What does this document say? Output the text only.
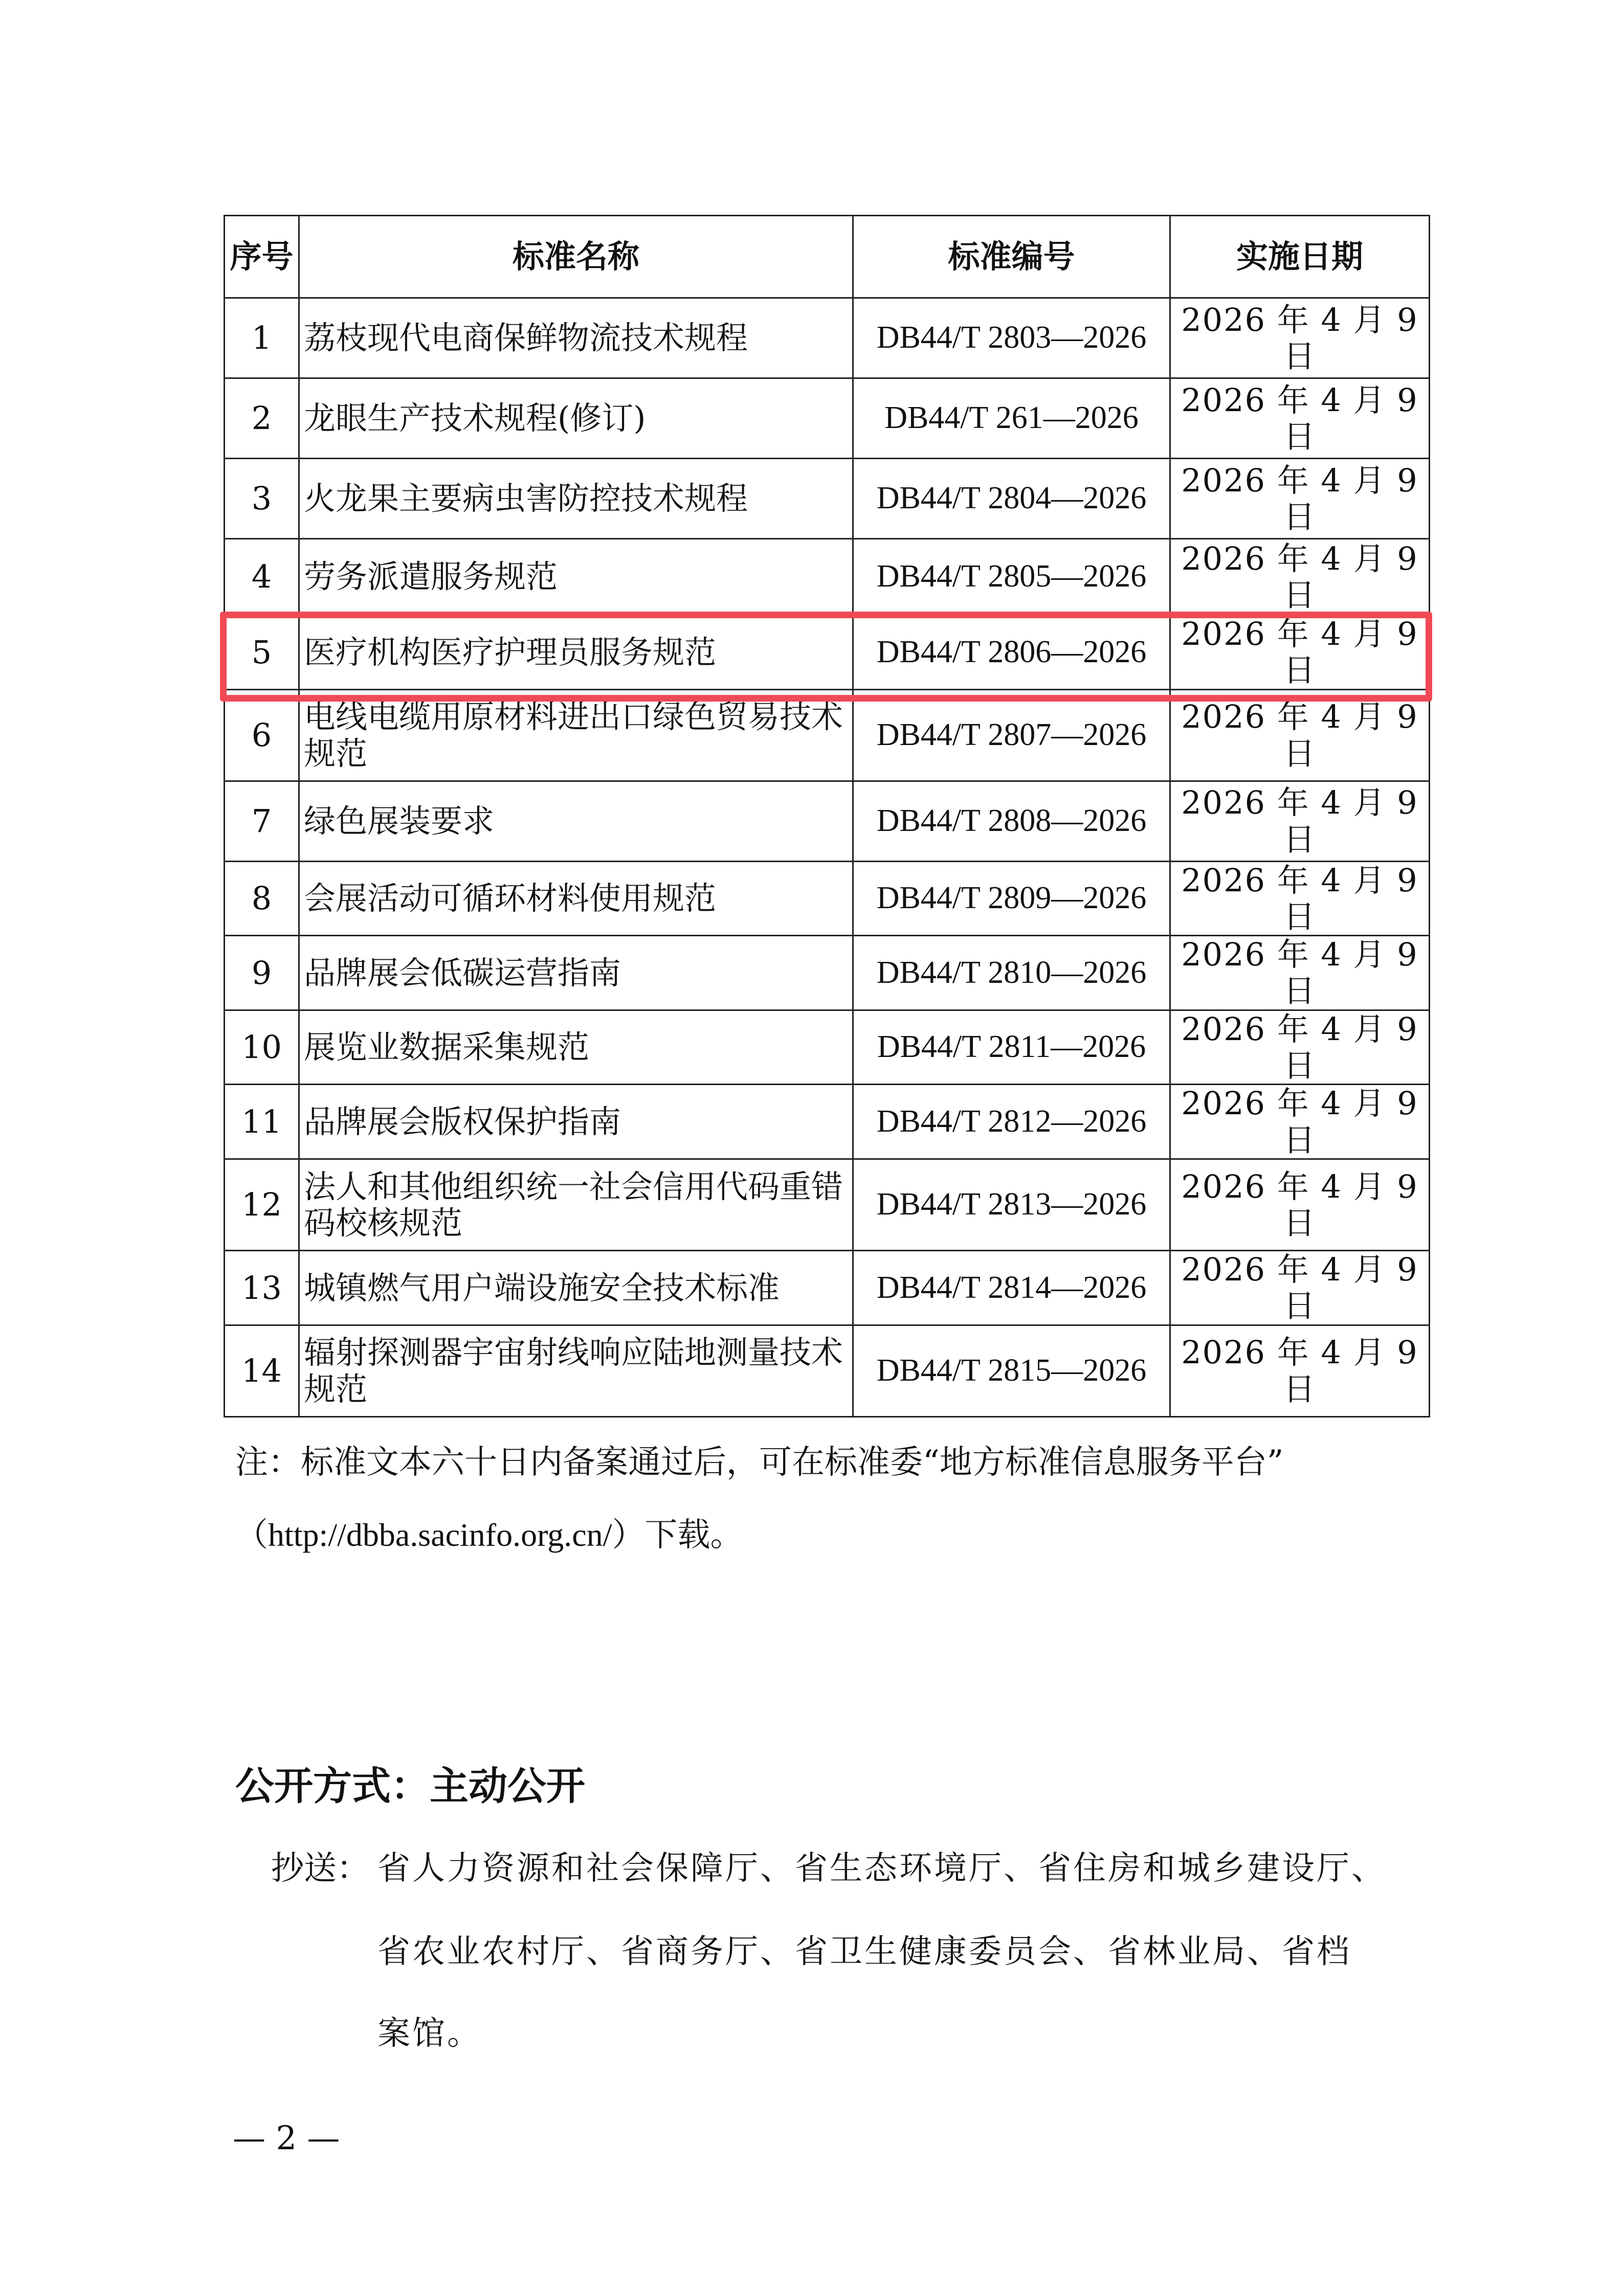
序号	标准名称	标准编号	实施日期
1	荔枝现代电商保鲜物流技术规程	DB44/T 2803—2026	2026 年 4 月 9 日
2	龙眼生产技术规程(修订)	DB44/T 261—2026	2026 年 4 月 9 日
3	火龙果主要病虫害防控技术规程	DB44/T 2804—2026	2026 年 4 月 9 日
4	劳务派遣服务规范	DB44/T 2805—2026	2026 年 4 月 9 日
5	医疗机构医疗护理员服务规范	DB44/T 2806—2026	2026 年 4 月 9 日
6	电线电缆用原材料进出口绿色贸易技术规范	DB44/T 2807—2026	2026 年 4 月 9 日
7	绿色展装要求	DB44/T 2808—2026	2026 年 4 月 9 日
8	会展活动可循环材料使用规范	DB44/T 2809—2026	2026 年 4 月 9 日
9	品牌展会低碳运营指南	DB44/T 2810—2026	2026 年 4 月 9 日
10	展览业数据采集规范	DB44/T 2811—2026	2026 年 4 月 9 日
11	品牌展会版权保护指南	DB44/T 2812—2026	2026 年 4 月 9 日
12	法人和其他组织统一社会信用代码重错码校核规范	DB44/T 2813—2026	2026 年 4 月 9 日
13	城镇燃气用户端设施安全技术标准	DB44/T 2814—2026	2026 年 4 月 9 日
14	辐射探测器宇宙射线响应陆地测量技术规范	DB44/T 2815—2026	2026 年 4 月 9 日
注：标准文本六十日内备案通过后，可在标准委“地方标准信息服务平台”
（http://dbba.sacinfo.org.cn/）下载。
公开方式：主动公开
抄送： 省人力资源和社会保障厅、省生态环境厅、省住房和城乡建设厅、
省农业农村厅、省商务厅、省卫生健康委员会、省林业局、省档
案馆。
— 2 —
